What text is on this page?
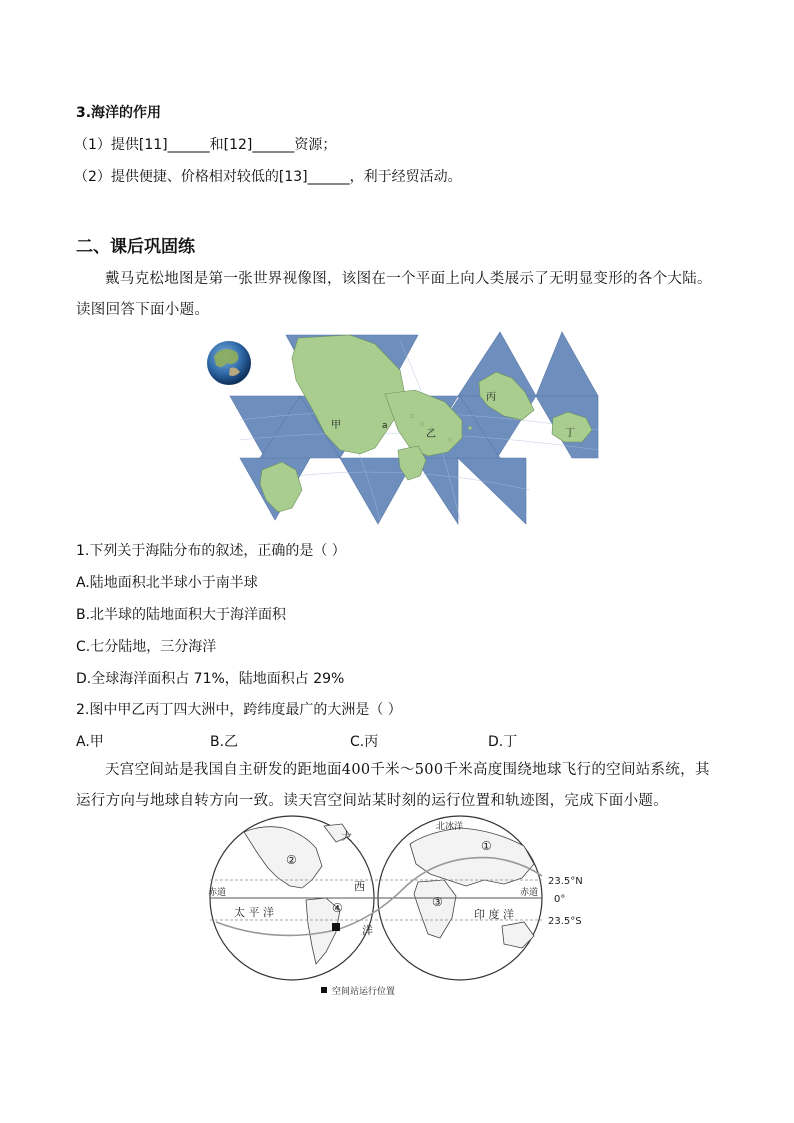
3.海洋的作用
（1）提供[11]______和[12]______资源；
（2）提供便捷、价格相对较低的[13]______，利于经贸活动。
二、课后巩固练
戴马克松地图是第一张世界视像图，该图在一个平面上向人类展示了无明显变形的各个大陆。读图回答下面小题。
甲	a
乙
丙
丁
1.下列关于海陆分布的叙述，正确的是（ ）
A.陆地面积北半球小于南半球
B.北半球的陆地面积大于海洋面积
C.七分陆地，三分海洋
D.全球海洋面积占 71%，陆地面积占 29%
2.图中甲乙丙丁四大洲中，跨纬度最广的大洲是（ ）
A.甲	B.乙	C.丙	D.丁
天宫空间站是我国自主研发的距地面400千米～500千米高度围绕地球飞行的空间站系统，其运行方向与地球自转方向一致。读天宫空间站某时刻的运行位置和轨迹图，完成下面小题。
②
大
西
④
洋
太 平 洋
赤道
北冰洋
①
③
印 度 洋
赤道
23.5°N
0°
23.5°S
空间站运行位置
